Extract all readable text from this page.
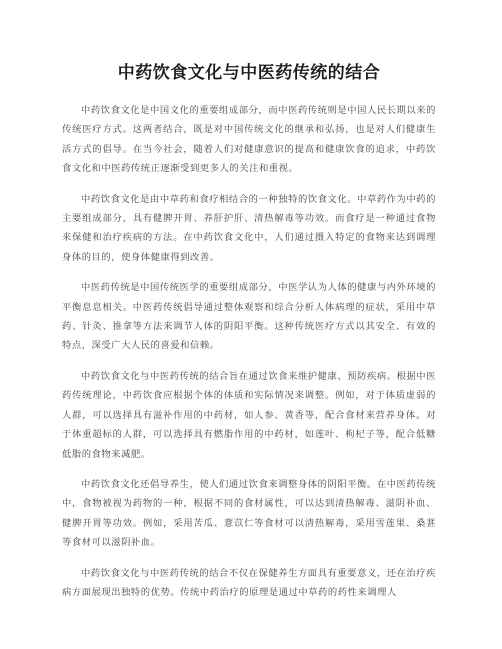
中药饮食文化与中医药传统的结合

中药饮食文化是中国文化的重要组成部分，而中医药传统则是中国人民长期以来的传统医疗方式。这两者结合，既是对中国传统文化的继承和弘扬，也是对人们健康生活方式的倡导。在当今社会，随着人们对健康意识的提高和健康饮食的追求，中药饮食文化和中医药传统正逐渐受到更多人的关注和重视。

中药饮食文化是由中草药和食疗相结合的一种独特的饮食文化。中草药作为中药的主要组成部分，具有健脾开胃、养肝护肝、清热解毒等功效。而食疗是一种通过食物来保健和治疗疾病的方法。在中药饮食文化中，人们通过摄入特定的食物来达到调理身体的目的，使身体健康得到改善。

中医药传统是中国传统医学的重要组成部分，中医学认为人体的健康与内外环境的平衡息息相关。中医药传统倡导通过整体观察和综合分析人体病理的症状，采用中草药、针灸、推拿等方法来调节人体的阴阳平衡。这种传统医疗方式以其安全、有效的特点，深受广大人民的喜爱和信赖。

中药饮食文化与中医药传统的结合旨在通过饮食来维护健康、预防疾病。根据中医药传统理论，中药饮食应根据个体的体质和实际情况来调整。例如，对于体质虚弱的人群，可以选择具有滋补作用的中药材，如人参、黄香等，配合食材来营养身体。对于体重超标的人群，可以选择具有燃脂作用的中药材，如莲叶、枸杞子等，配合低糖低脂的食物来减肥。

中药饮食文化还倡导养生，使人们通过饮食来调整身体的阴阳平衡。在中医药传统中，食物被视为药物的一种，根据不同的食材属性，可以达到清热解毒、滋阴补血、健脾开胃等功效。例如，采用苦瓜、薏苡仁等食材可以清热解毒，采用雪莲果、桑葚等食材可以滋阴补血。

中药饮食文化与中医药传统的结合不仅在保健养生方面具有重要意义，还在治疗疾病方面展现出独特的优势。传统中药治疗的原理是通过中草药的药性来调理人
